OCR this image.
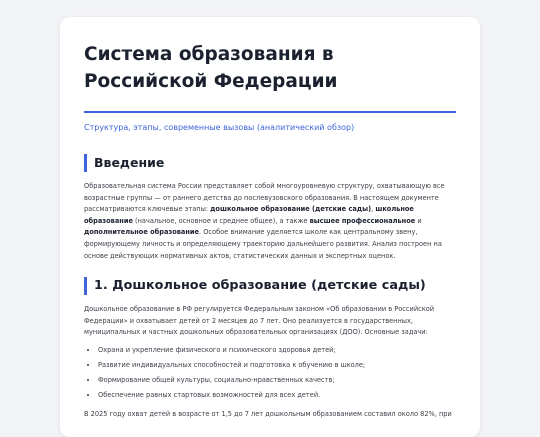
Система образования в Российской Федерации
Структура, этапы, современные вызовы (аналитический обзор)
Введение
Образовательная система России представляет собой многоуровневую структуру, охватывающую все возрастные группы — от раннего детства до послевузовского образования. В настоящем документе рассматриваются ключевые этапы: дошкольное образование (детские сады), школьное образование (начальное, основное и среднее общее), а также высшее профессиональное и дополнительное образование. Особое внимание уделяется школе как центральному звену, формирующему личность и определяющему траекторию дальнейшего развития. Анализ построен на основе действующих нормативных актов, статистических данных и экспертных оценок.
1. Дошкольное образование (детские сады)
Дошкольное образование в РФ регулируется Федеральным законом «Об образовании в Российской Федерации» и охватывает детей от 2 месяцев до 7 лет. Оно реализуется в государственных, муниципальных и частных дошкольных образовательных организациях (ДОО). Основные задачи:
• Охрана и укрепление физического и психического здоровья детей;
• Развитие индивидуальных способностей и подготовка к обучению в школе;
• Формирование общей культуры, социально-нравственных качеств;
• Обеспечение равных стартовых возможностей для всех детей.
В 2025 году охват детей в возрасте от 1,5 до 7 лет дошкольным образованием составил около 82%, при
